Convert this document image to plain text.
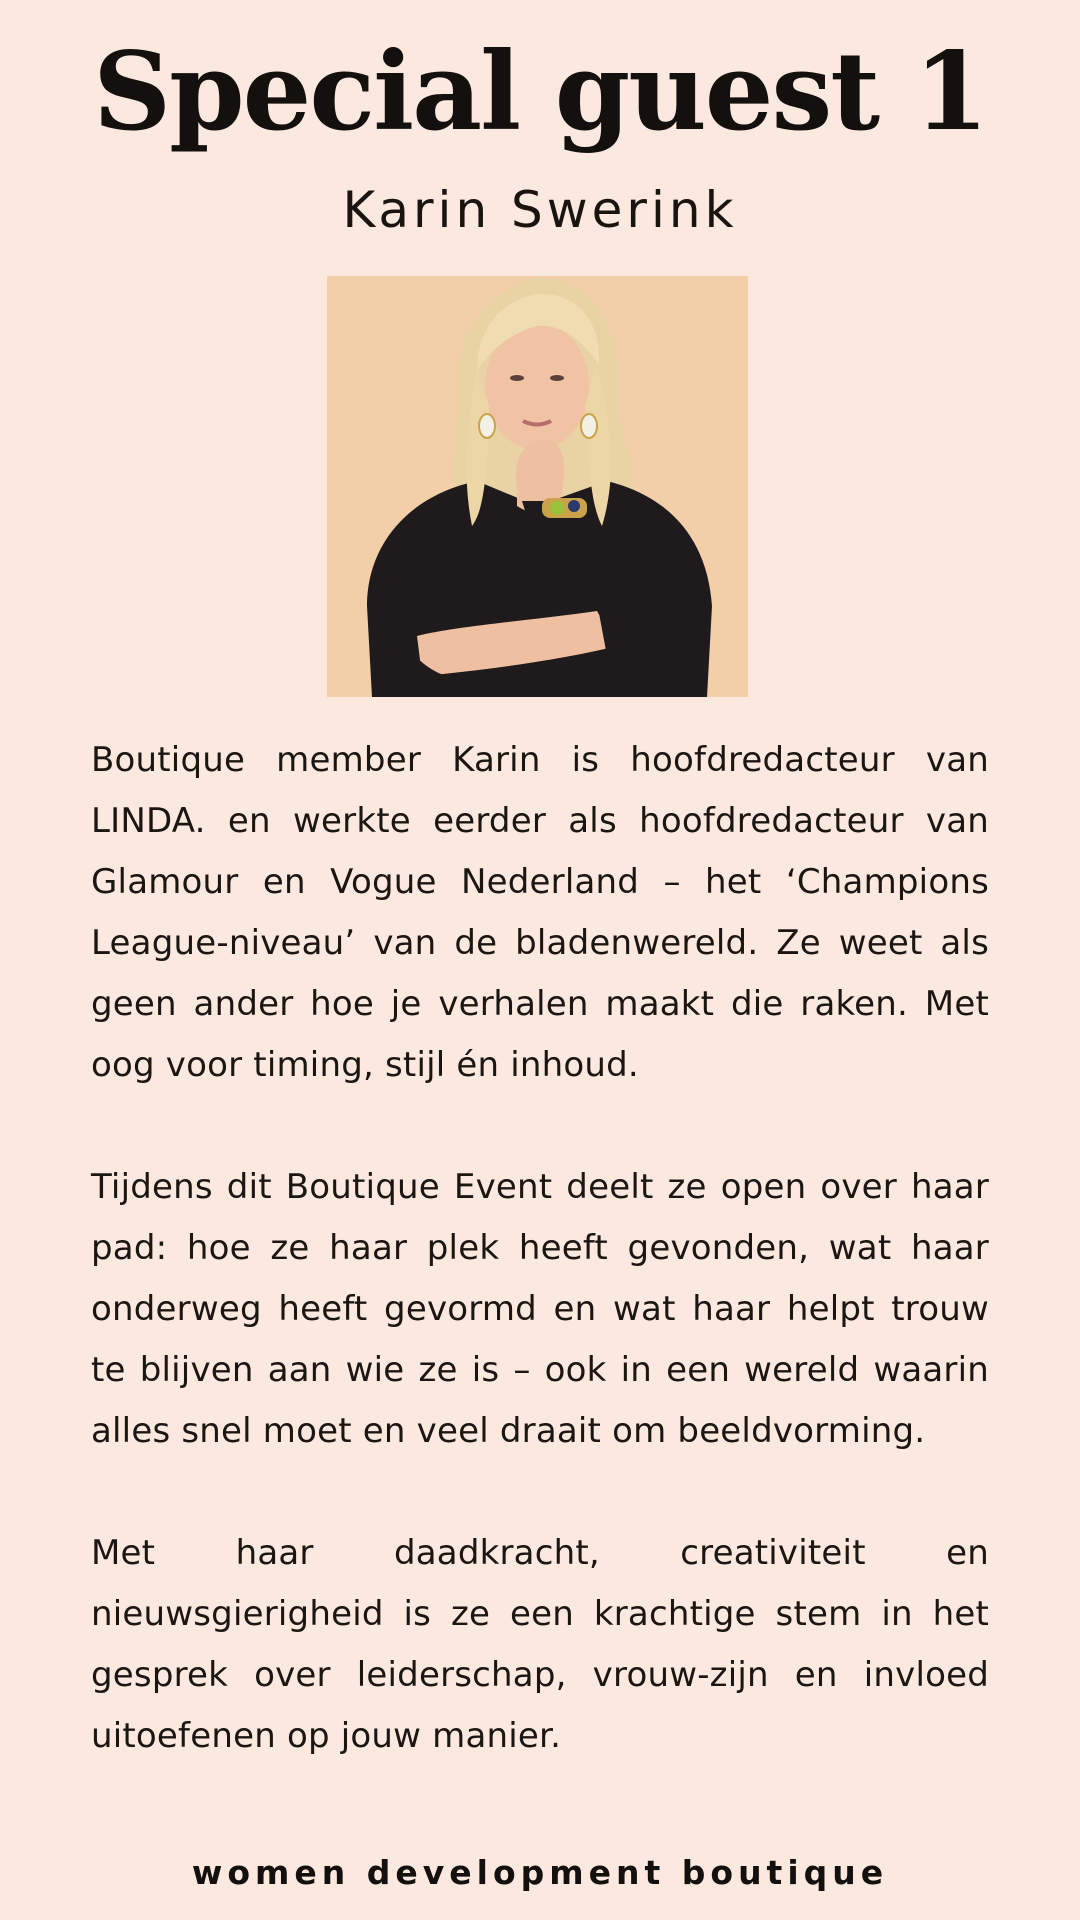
Special guest 1
Karin Swerink

Boutique member Karin is hoofdredacteur van LINDA. en werkte eerder als hoofdredacteur van Glamour en Vogue Nederland – het ‘Champions League-niveau’ van de bladenwereld. Ze weet als geen ander hoe je verhalen maakt die raken. Met oog voor timing, stijl én inhoud.

Tijdens dit Boutique Event deelt ze open over haar pad: hoe ze haar plek heeft gevonden, wat haar onderweg heeft gevormd en wat haar helpt trouw te blijven aan wie ze is – ook in een wereld waarin alles snel moet en veel draait om beeldvorming.

Met haar daadkracht, creativiteit en nieuwsgierigheid is ze een krachtige stem in het gesprek over leiderschap, vrouw-zijn en invloed uitoefenen op jouw manier.

women development boutique
